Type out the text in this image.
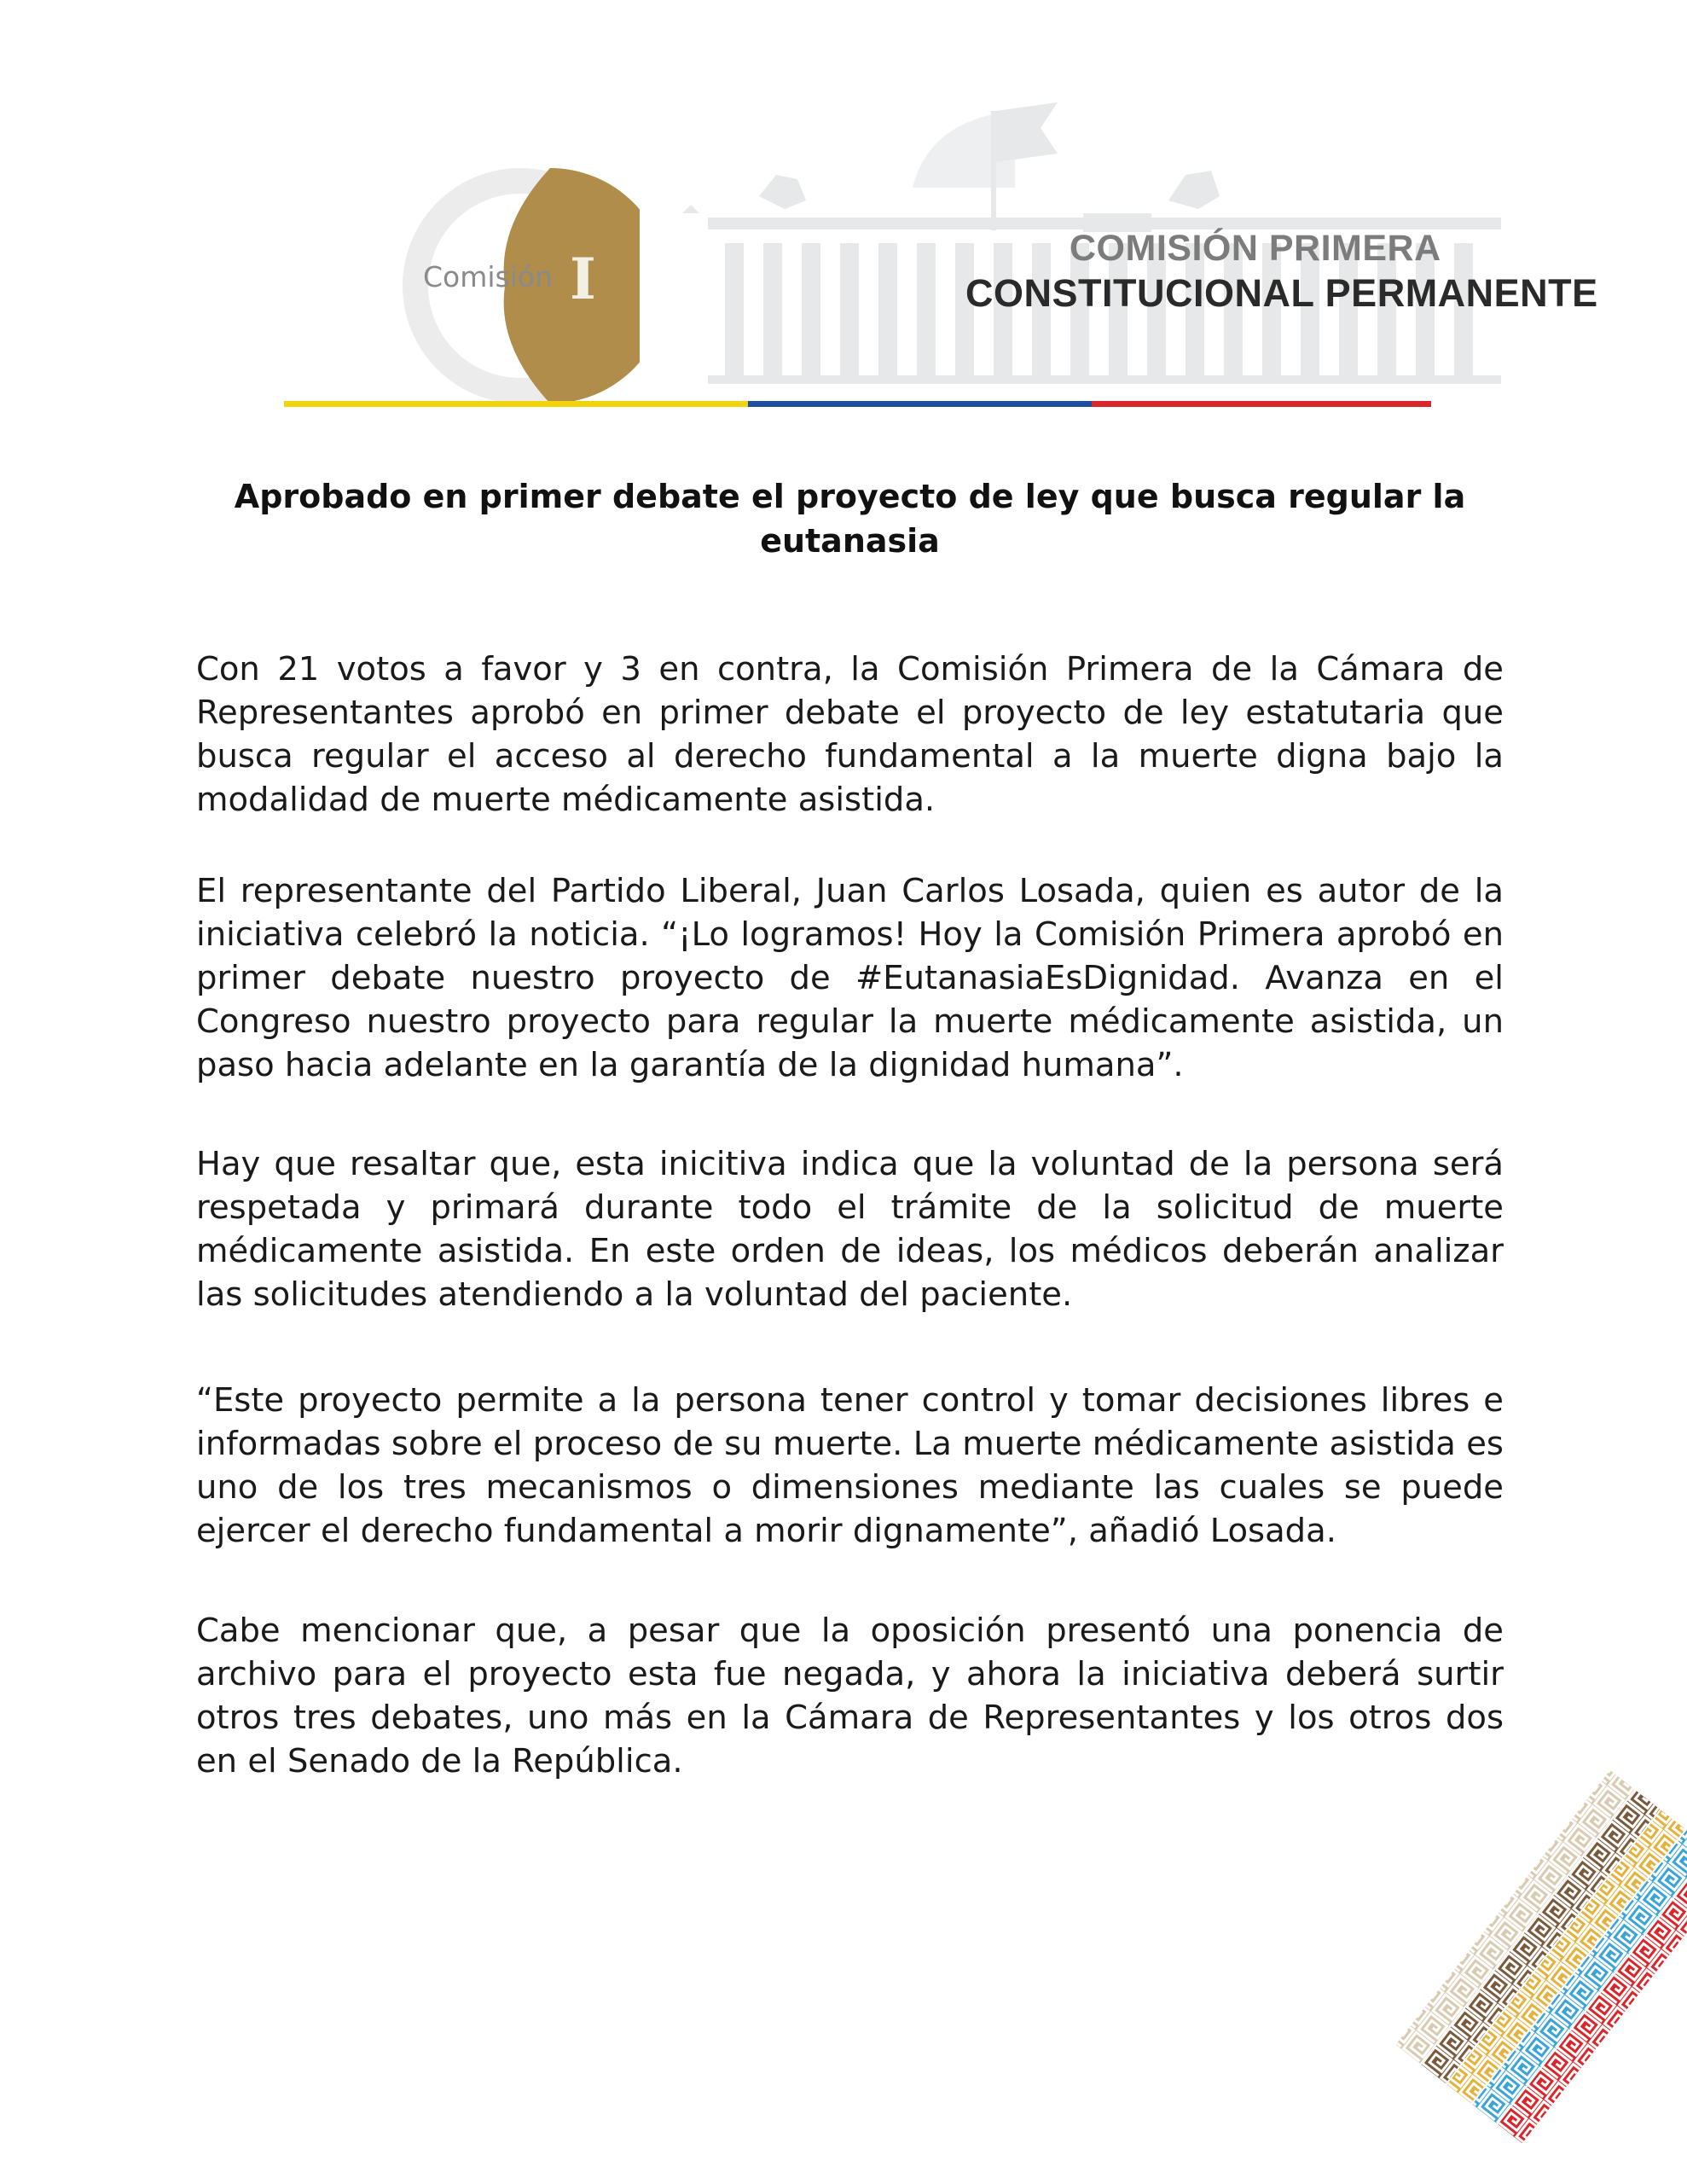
Comisión I	COMISIÓN PRIMERA
CONSTITUCIONAL PERMANENTE
Aprobado en primer debate el proyecto de ley que busca regular la eutanasia

Con 21 votos a favor y 3 en contra, la Comisión Primera de la Cámara de Representantes aprobó en primer debate el proyecto de ley estatutaria que busca regular el acceso al derecho fundamental a la muerte digna bajo la modalidad de muerte médicamente asistida.

El representante del Partido Liberal, Juan Carlos Losada, quien es autor de la iniciativa celebró la noticia. “¡Lo logramos! Hoy la Comisión Primera aprobó en primer debate nuestro proyecto de #EutanasiaEsDignidad. Avanza en el Congreso nuestro proyecto para regular la muerte médicamente asistida, un paso hacia adelante en la garantía de la dignidad humana”.

Hay que resaltar que, esta inicitiva indica que la voluntad de la persona será respetada y primará durante todo el trámite de la solicitud de muerte médicamente asistida. En este orden de ideas, los médicos deberán analizar las solicitudes atendiendo a la voluntad del paciente.

“Este proyecto permite a la persona tener control y tomar decisiones libres e informadas sobre el proceso de su muerte. La muerte médicamente asistida es uno de los tres mecanismos o dimensiones mediante las cuales se puede ejercer el derecho fundamental a morir dignamente”, añadió Losada.

Cabe mencionar que, a pesar que la oposición presentó una ponencia de archivo para el proyecto esta fue negada, y ahora la iniciativa deberá surtir otros tres debates, uno más en la Cámara de Representantes y los otros dos en el Senado de la República.
